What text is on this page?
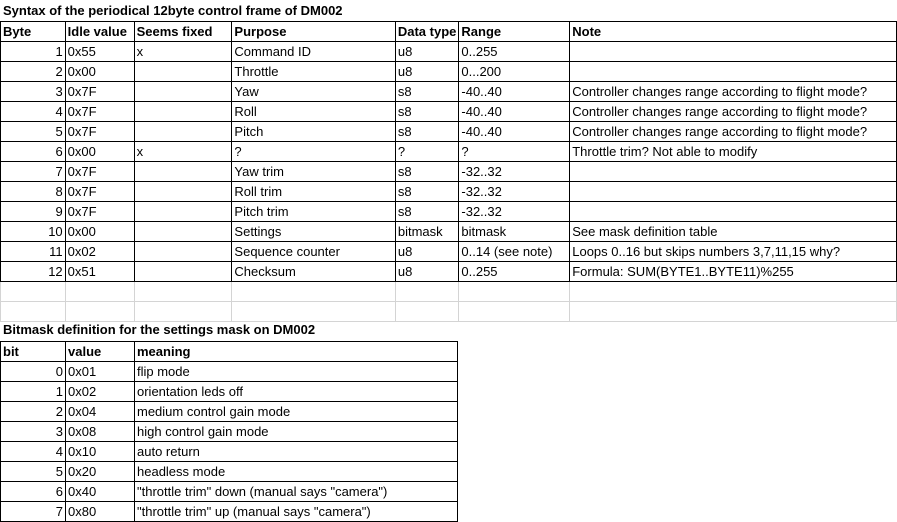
Syntax of the periodical 12byte control frame of DM002
Byte	Idle value	Seems fixed	Purpose	Data type	Range	Note
1	0x55	x	Command ID	u8	0..255	
2	0x00		Throttle	u8	0...200	
3	0x7F		Yaw	s8	-40..40	Controller changes range according to flight mode?
4	0x7F		Roll	s8	-40..40	Controller changes range according to flight mode?
5	0x7F		Pitch	s8	-40..40	Controller changes range according to flight mode?
6	0x00	x	?	?	?	Throttle trim? Not able to modify
7	0x7F		Yaw trim	s8	-32..32	
8	0x7F		Roll trim	s8	-32..32	
9	0x7F		Pitch trim	s8	-32..32	
10	0x00		Settings	bitmask	bitmask	See mask definition table
11	0x02		Sequence counter	u8	0..14 (see note)	Loops 0..16 but skips numbers 3,7,11,15 why?
12	0x51		Checksum	u8	0..255	Formula: SUM(BYTE1..BYTE11)%255

Bitmask definition for the settings mask on DM002
bit	value	meaning
0	0x01	flip mode
1	0x02	orientation leds off
2	0x04	medium control gain mode
3	0x08	high control gain mode
4	0x10	auto return
5	0x20	headless mode
6	0x40	"throttle trim" down (manual says "camera")
7	0x80	"throttle trim" up (manual says "camera")
